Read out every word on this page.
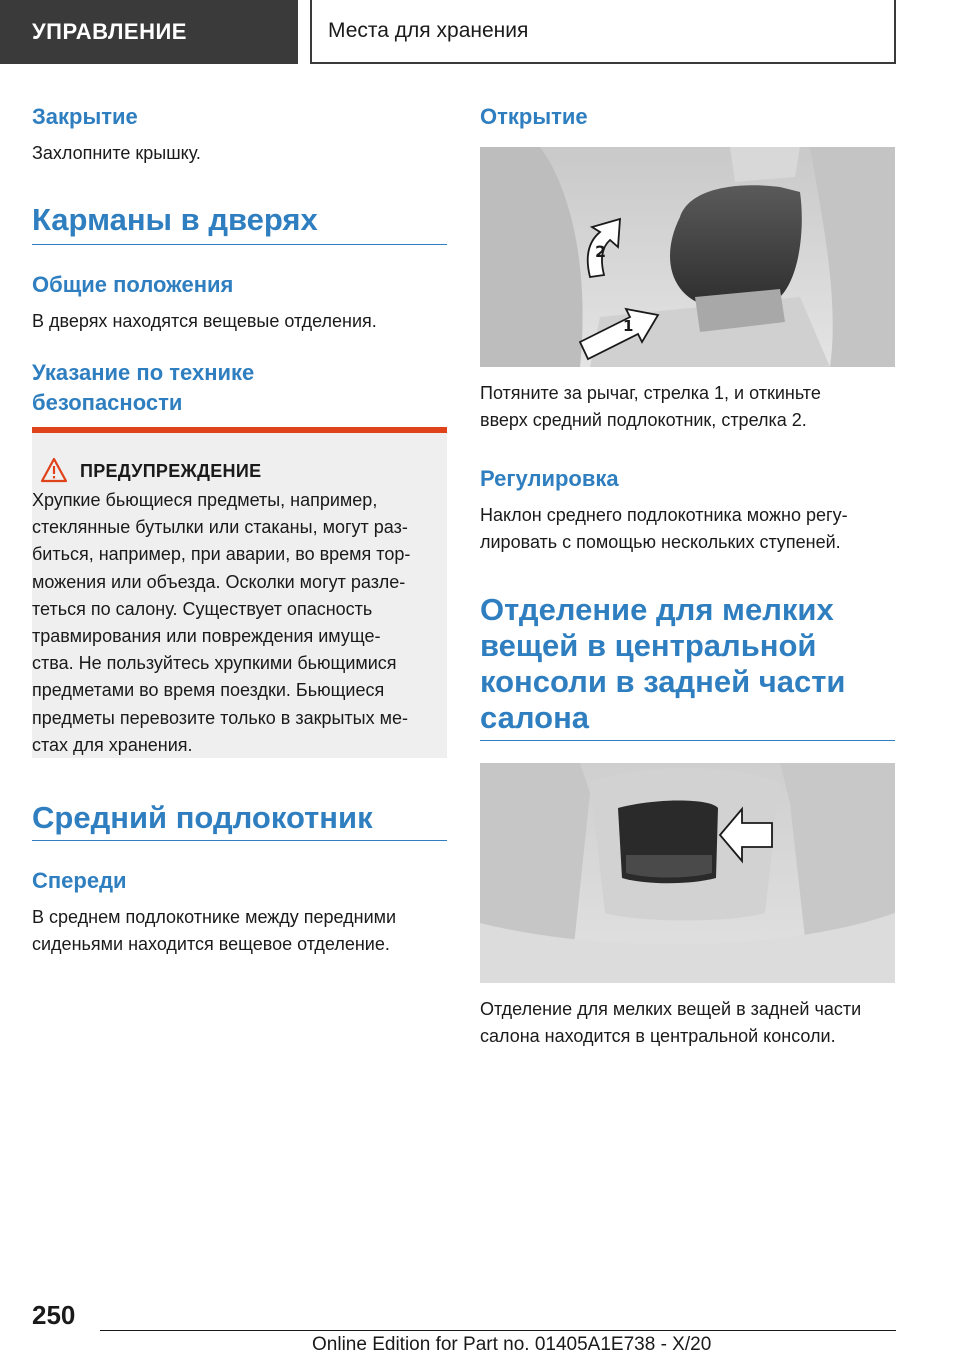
УПРАВЛЕНИЕ	Места для хранения
Закрытие
Захлопните крышку.
Карманы в дверях
Общие положения
В дверях находятся вещевые отделения.
Указание по технике
безопасности
ПРЕДУПРЕЖДЕНИЕ
Хрупкие бьющиеся предметы, например,
стеклянные бутылки или стаканы, могут раз-
биться, например, при аварии, во время тор-
можения или объезда. Осколки могут разле-
теться по салону. Существует опасность
травмирования или повреждения имуще-
ства. Не пользуйтесь хрупкими бьющимися
предметами во время поездки. Бьющиеся
предметы перевозите только в закрытых ме-
стах для хранения.
Средний подлокотник
Спереди
В среднем подлокотнике между передними
сиденьями находится вещевое отделение.
Открытие
2
1
Потяните за рычаг, стрелка 1, и откиньте
вверх средний подлокотник, стрелка 2.
Регулировка
Наклон среднего подлокотника можно регу-
лировать с помощью нескольких ступеней.
Отделение для мелких
вещей в центральной
консоли в задней части
салона
Отделение для мелких вещей в задней части
салона находится в центральной консоли.
250
Online Edition for Part no. 01405A1E738 - X/20
